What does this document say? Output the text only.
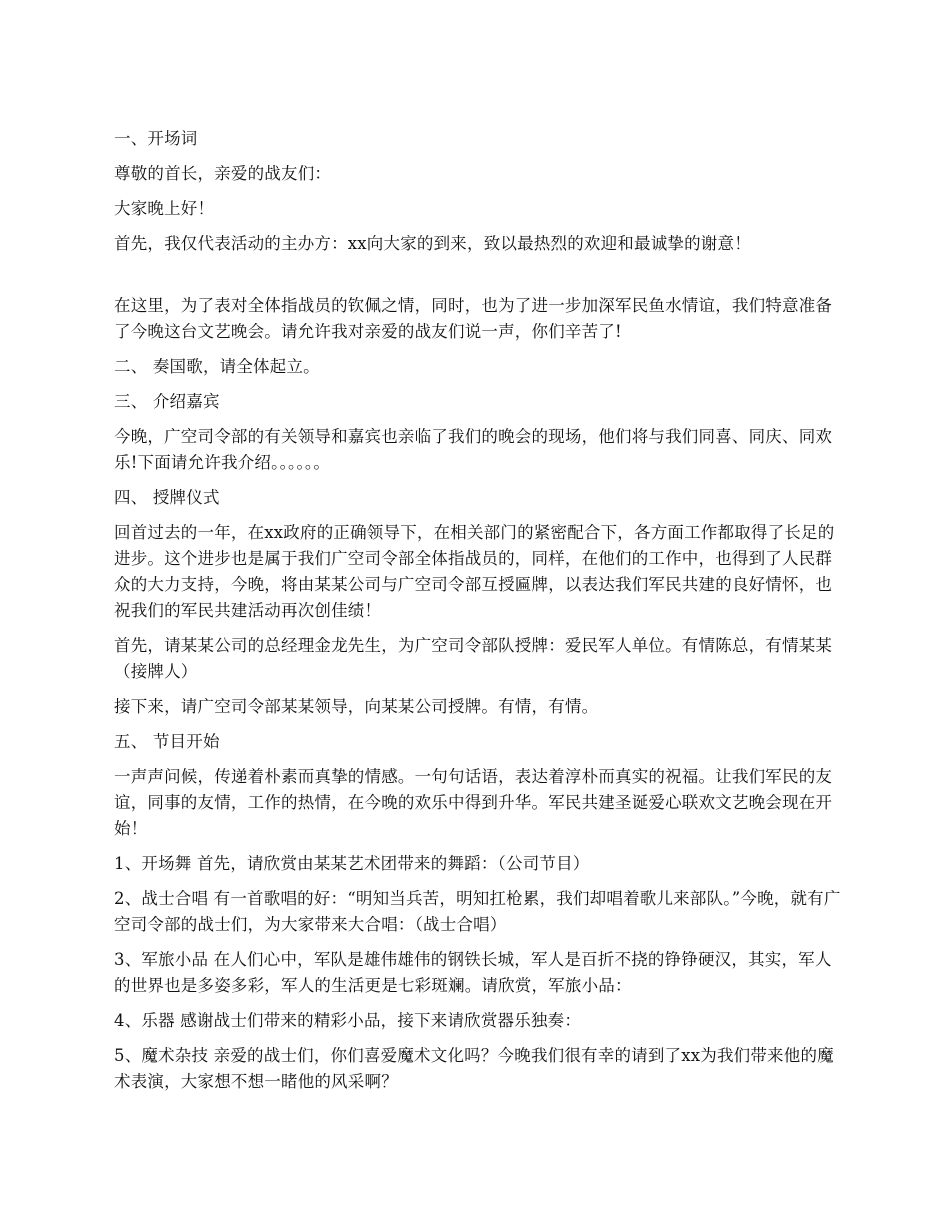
一、开场词

尊敬的首长，亲爱的战友们：

大家晚上好！

首先，我仅代表活动的主办方：xx向大家的到来，致以最热烈的欢迎和最诚挚的谢意！

在这里，为了表对全体指战员的钦佩之情，同时，也为了进一步加深军民鱼水情谊，我们特意准备了今晚这台文艺晚会。请允许我对亲爱的战友们说一声，你们辛苦了!

二、 奏国歌，请全体起立。

三、 介绍嘉宾

今晚，广空司令部的有关领导和嘉宾也亲临了我们的晚会的现场，他们将与我们同喜、同庆、同欢乐!下面请允许我介绍。。。。。。

四、 授牌仪式

回首过去的一年，在xx政府的正确领导下，在相关部门的紧密配合下，各方面工作都取得了长足的进步。这个进步也是属于我们广空司令部全体指战员的，同样，在他们的工作中，也得到了人民群众的大力支持，今晚，将由某某公司与广空司令部互授匾牌，以表达我们军民共建的良好情怀，也祝我们的军民共建活动再次创佳绩！

首先，请某某公司的总经理金龙先生，为广空司令部队授牌：爱民军人单位。有情陈总，有情某某（接牌人）

接下来，请广空司令部某某领导，向某某公司授牌。有情，有情。

五、 节目开始

一声声问候，传递着朴素而真挚的情感。一句句话语，表达着淳朴而真实的祝福。让我们军民的友谊，同事的友情，工作的热情，在今晚的欢乐中得到升华。军民共建圣诞爱心联欢文艺晚会现在开始！

1、开场舞 首先，请欣赏由某某艺术团带来的舞蹈：（公司节目）

2、战士合唱 有一首歌唱的好：“明知当兵苦，明知扛枪累，我们却唱着歌儿来部队。”今晚，就有广空司令部的战士们，为大家带来大合唱：（战士合唱）

3、军旅小品 在人们心中，军队是雄伟雄伟的钢铁长城，军人是百折不挠的铮铮硬汉，其实，军人的世界也是多姿多彩，军人的生活更是七彩斑斓。请欣赏，军旅小品：

4、乐器 感谢战士们带来的精彩小品，接下来请欣赏器乐独奏：

5、魔术杂技 亲爱的战士们，你们喜爱魔术文化吗？今晚我们很有幸的请到了xx为我们带来他的魔术表演，大家想不想一睹他的风采啊？
